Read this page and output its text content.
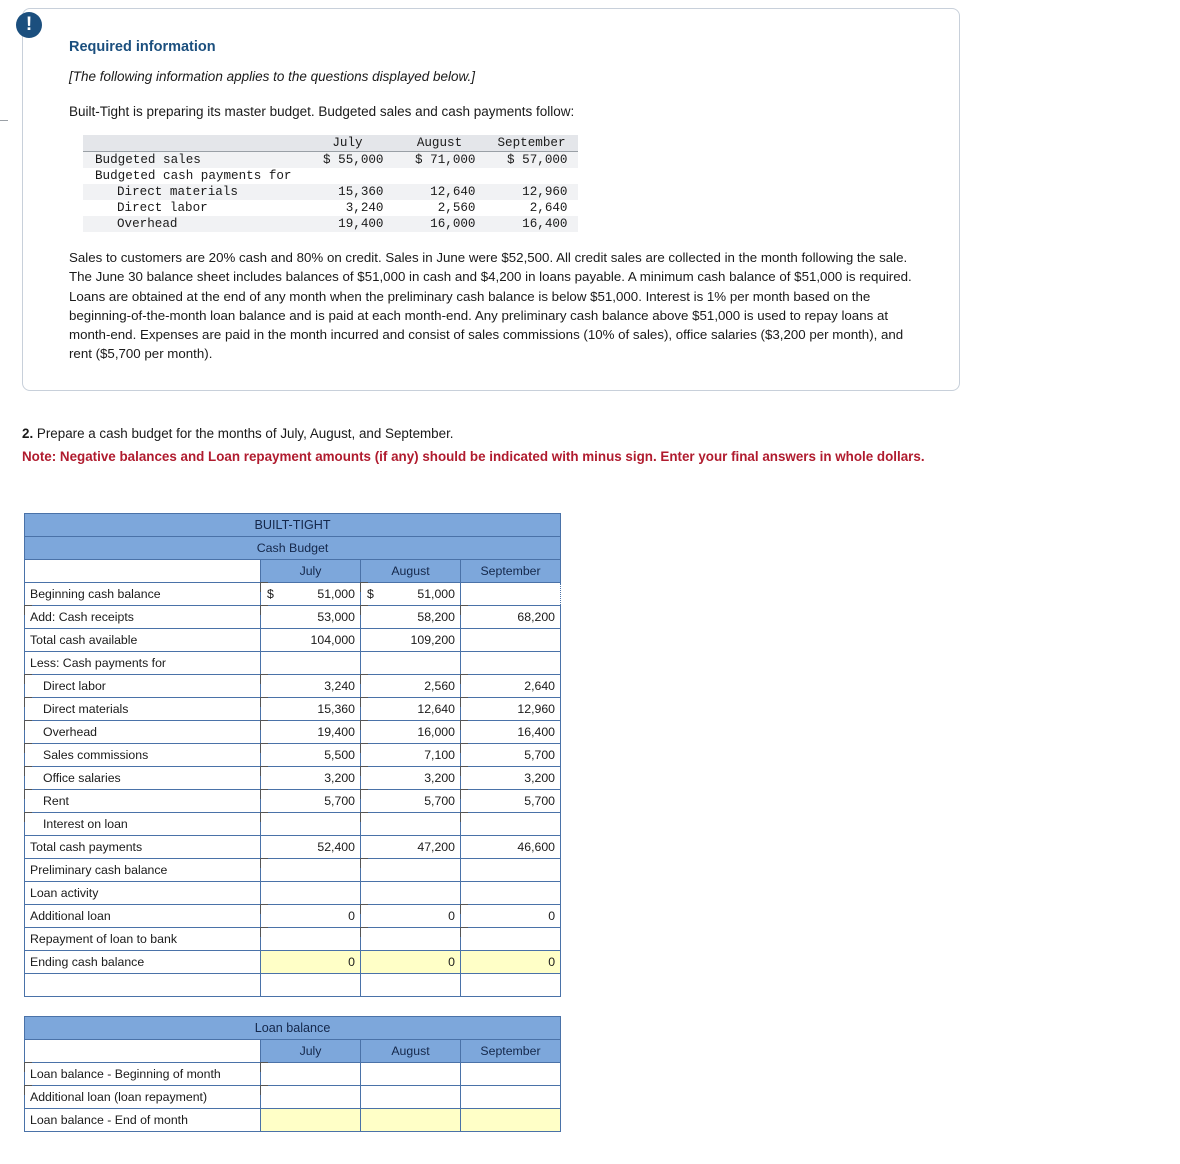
!
Required information
[The following information applies to the questions displayed below.]
Built-Tight is preparing its master budget. Budgeted sales and cash payments follow:
	July	August	September
Budgeted sales	$ 55,000	$ 71,000	$ 57,000
Budgeted cash payments for			
Direct materials	15,360	12,640	12,960
Direct labor	3,240	2,560	2,640
Overhead	19,400	16,000	16,400

Sales to customers are 20% cash and 80% on credit. Sales in June were $52,500. All credit sales are collected in the month following the sale. The June 30 balance sheet includes balances of $51,000 in cash and $4,200 in loans payable. A minimum cash balance of $51,000 is required. Loans are obtained at the end of any month when the preliminary cash balance is below $51,000. Interest is 1% per month based on the beginning-of-the-month loan balance and is paid at each month-end. Any preliminary cash balance above $51,000 is used to repay loans at month-end. Expenses are paid in the month incurred and consist of sales commissions (10% of sales), office salaries ($3,200 per month), and rent ($5,700 per month).

2. Prepare a cash budget for the months of July, August, and September.
Note: Negative balances and Loan repayment amounts (if any) should be indicated with minus sign. Enter your final answers in whole dollars.
BUILT-TIGHT			
Cash Budget			
	July	August	September
Beginning cash balance	$ 51,000	$ 51,000	
Add: Cash receipts	53,000	58,200	68,200
Total cash available	104,000	109,200	
Less: Cash payments for			
Direct labor	3,240	2,560	2,640
Direct materials	15,360	12,640	12,960
Overhead	19,400	16,000	16,400
Sales commissions	5,500	7,100	5,700
Office salaries	3,200	3,200	3,200
Rent	5,700	5,700	5,700
Interest on loan			
Total cash payments	52,400	47,200	46,600
Preliminary cash balance			
Loan activity			
Additional loan	0	0	0
Repayment of loan to bank			
Ending cash balance	0	0	0

Loan balance			
	July	August	September
Loan balance - Beginning of month			
Additional loan (loan repayment)			
Loan balance - End of month			
